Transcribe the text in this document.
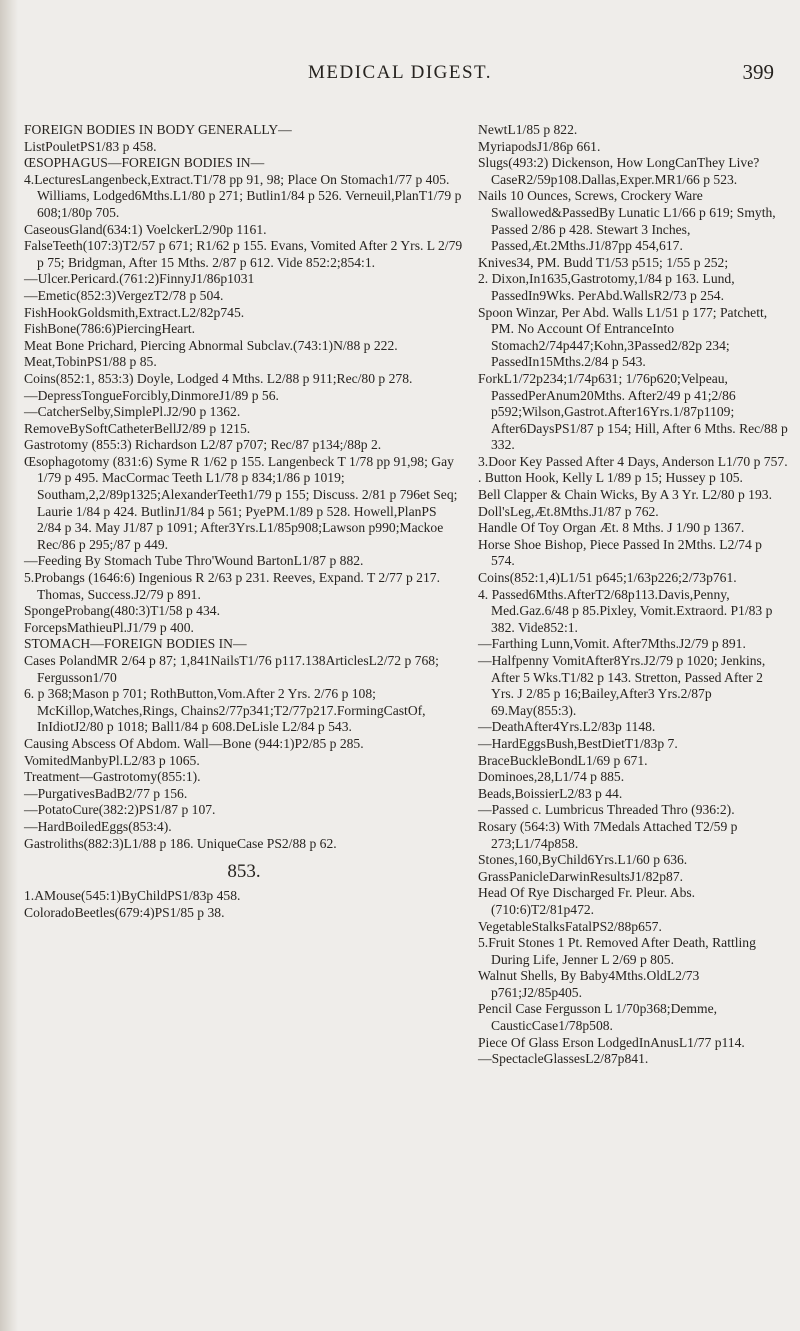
MEDICAL DIGEST.	399
FOREIGN BODIES IN BODY GENERALLY—
ListPouletPS1/83 p 458.
ŒSOPHAGUS—FOREIGN BODIES IN—
4.LecturesLangenbeck,Extract.T1/78 pp 91, 98; Place On Stomach1/77 p 405. Williams, Lodged6Mths.L1/80 p 271; Butlin1/84 p 526. Verneuil,PlanT1/79 p 608;1/80p 705.
CaseousGland(634:1) VoelckerL2/90p 1161.
FalseTeeth(107:3)T2/57 p 671; R1/62 p 155. Evans, Vomited After 2 Yrs. L 2/79 p 75; Bridgman, After 15 Mths. 2/87 p 612. Vide 852:2;854:1.
—Ulcer.Pericard.(761:2)FinnyJ1/86p1031
—Emetic(852:3)VergezT2/78 p 504.
FishHookGoldsmith,Extract.L2/82p745.
FishBone(786:6)PiercingHeart.
Meat Bone Prichard, Piercing Abnormal Subclav.(743:1)N/88 p 222.
Meat,TobinPS1/88 p 85.
Coins(852:1, 853:3) Doyle, Lodged 4 Mths. L2/88 p 911;Rec/80 p 278.
—DepressTongueForcibly,DinmoreJ1/89 p 56.
—CatcherSelby,SimplePl.J2/90 p 1362.
RemoveBySoftCatheterBellJ2/89 p 1215.
Gastrotomy (855:3) Richardson L2/87 p707; Rec/87 p134;/88p 2.
Œsophagotomy (831:6) Syme R 1/62 p 155. Langenbeck T 1/78 pp 91,98; Gay 1/79 p 495. MacCormac Teeth L1/78 p 834;1/86 p 1019; Southam,2,2/89p1325;AlexanderTeeth1/79 p 155; Discuss. 2/81 p 796et Seq; Laurie 1/84 p 424. ButlinJ1/84 p 561; PyePM.1/89 p 528. Howell,PlanPS 2/84 p 34. May J1/87 p 1091; After3Yrs.L1/85p908;Lawson p990;Mackoe Rec/86 p 295;/87 p 449.
—Feeding By Stomach Tube Thro'Wound BartonL1/87 p 882.
5.Probangs (1646:6) Ingenious R 2/63 p 231. Reeves, Expand. T 2/77 p 217. Thomas, Success.J2/79 p 891.
SpongeProbang(480:3)T1/58 p 434.
ForcepsMathieuPl.J1/79 p 400.
STOMACH—FOREIGN BODIES IN—
Cases PolandMR 2/64 p 87; 1,841NailsT1/76 p117.138ArticlesL2/72 p 768; Fergusson1/70
6. p 368;Mason p 701; RothButton,Vom.After 2 Yrs. 2/76 p 108; McKillop,Watches,Rings, Chains2/77p341;T2/77p217.FormingCastOf, InIdiotJ2/80 p 1018; Ball1/84 p 608.DeLisle L2/84 p 543.
Causing Abscess Of Abdom. Wall—Bone (944:1)P2/85 p 285.
VomitedManbyPl.L2/83 p 1065.
Treatment—Gastrotomy(855:1).
—PurgativesBadB2/77 p 156.
—PotatoCure(382:2)PS1/87 p 107.
—HardBoiledEggs(853:4).
Gastroliths(882:3)L1/88 p 186. UniqueCase PS2/88 p 62.
853.
1.AMouse(545:1)ByChildPS1/83p 458.
ColoradoBeetles(679:4)PS1/85 p 38.
NewtL1/85 p 822.
MyriapodsJ1/86p 661.
Slugs(493:2) Dickenson, How LongCanThey Live?CaseR2/59p108.Dallas,Exper.MR1/66 p 523.
Nails 10 Ounces, Screws, Crockery Ware Swallowed&PassedBy Lunatic L1/66 p 619; Smyth, Passed 2/86 p 428. Stewart 3 Inches, Passed,Æt.2Mths.J1/87pp 454,617.
Knives34, PM. Budd T1/53 p515; 1/55 p 252;
2. Dixon,In1635,Gastrotomy,1/84 p 163. Lund, PassedIn9Wks. PerAbd.WallsR2/73 p 254.
Spoon Winzar, Per Abd. Walls L1/51 p 177; Patchett, PM. No Account Of EntranceInto Stomach2/74p447;Kohn,3Passed2/82p 234; PassedIn15Mths.2/84 p 543.
ForkL1/72p234;1/74p631; 1/76p620;Velpeau, PassedPerAnum20Mths. After2/49 p 41;2/86 p592;Wilson,Gastrot.After16Yrs.1/87p1109; After6DaysPS1/87 p 154; Hill, After 6 Mths. Rec/88 p 332.
3.Door Key Passed After 4 Days, Anderson L1/70 p 757.
. Button Hook, Kelly L 1/89 p 15; Hussey p 105.
Bell Clapper & Chain Wicks, By A 3 Yr. L2/80 p 193.
Doll'sLeg,Æt.8Mths.J1/87 p 762.
Handle Of Toy Organ Æt. 8 Mths. J 1/90 p 1367.
Horse Shoe Bishop, Piece Passed In 2Mths. L2/74 p 574.
Coins(852:1,4)L1/51 p645;1/63p226;2/73p761.
4. Passed6Mths.AfterT2/68p113.Davis,Penny, Med.Gaz.6/48 p 85.Pixley, Vomit.Extraord. P1/83 p 382. Vide852:1.
—Farthing Lunn,Vomit. After7Mths.J2/79 p 891.
—Halfpenny VomitAfter8Yrs.J2/79 p 1020; Jenkins, After 5 Wks.T1/82 p 143. Stretton, Passed After 2 Yrs. J 2/85 p 16;Bailey,After3 Yrs.2/87p 69.May(855:3).
—DeathAfter4Yrs.L2/83p 1148.
—HardEggsBush,BestDietT1/83p 7.
BraceBuckleBondL1/69 p 671.
Dominoes,28,L1/74 p 885.
Beads,BoissierL2/83 p 44.
—Passed c. Lumbricus Threaded Thro (936:2).
Rosary (564:3) With 7Medals Attached T2/59 p 273;L1/74p858.
Stones,160,ByChild6Yrs.L1/60 p 636.
GrassPanicleDarwinResultsJ1/82p87.
Head Of Rye Discharged Fr. Pleur. Abs. (710:6)T2/81p472.
VegetableStalksFatalPS2/88p657.
5.Fruit Stones 1 Pt. Removed After Death, Rattling During Life, Jenner L 2/69 p 805.
Walnut Shells, By Baby4Mths.OldL2/73 p761;J2/85p405.
Pencil Case Fergusson L 1/70p368;Demme, CausticCase1/78p508.
Piece Of Glass Erson LodgedInAnusL1/77 p114.
—SpectacleGlassesL2/87p841.
